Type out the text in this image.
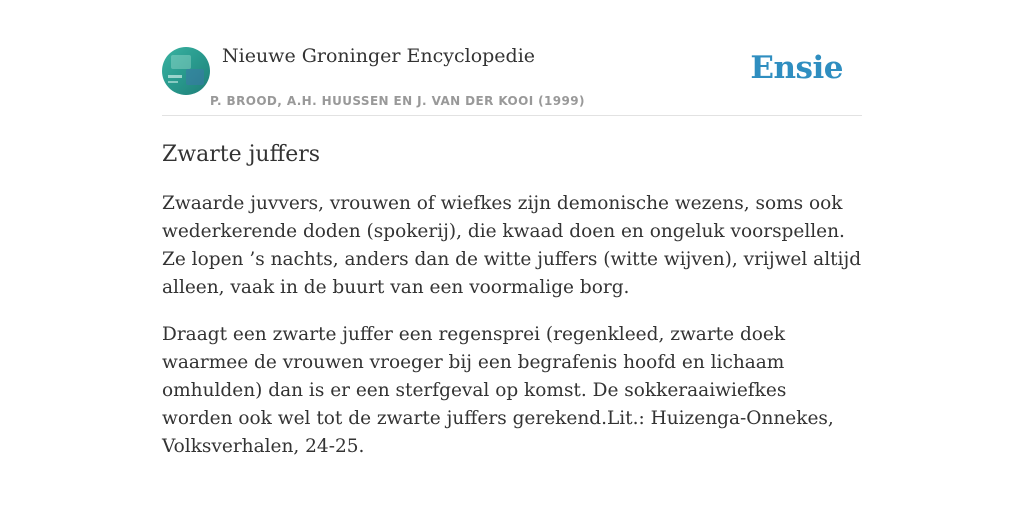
Nieuwe Groninger Encyclopedie
P. BROOD, A.H. HUUSSEN EN J. VAN DER KOOI (1999)
Ensie
Zwarte juffers

Zwaarde juvvers, vrouwen of wiefkes zijn demonische wezens, soms ook wederkerende doden (spokerij), die kwaad doen en ongeluk voorspellen. Ze lopen ’s nachts, anders dan de witte juffers (witte wijven), vrijwel altijd alleen, vaak in de buurt van een voormalige borg.

Draagt een zwarte juffer een regensprei (regenkleed, zwarte doek waarmee de vrouwen vroeger bij een begrafenis hoofd en lichaam omhulden) dan is er een sterfgeval op komst. De sokkeraaiwiefkes worden ook wel tot de zwarte juffers gerekend.Lit.: Huizenga-Onnekes, Volksverhalen, 24-25.
